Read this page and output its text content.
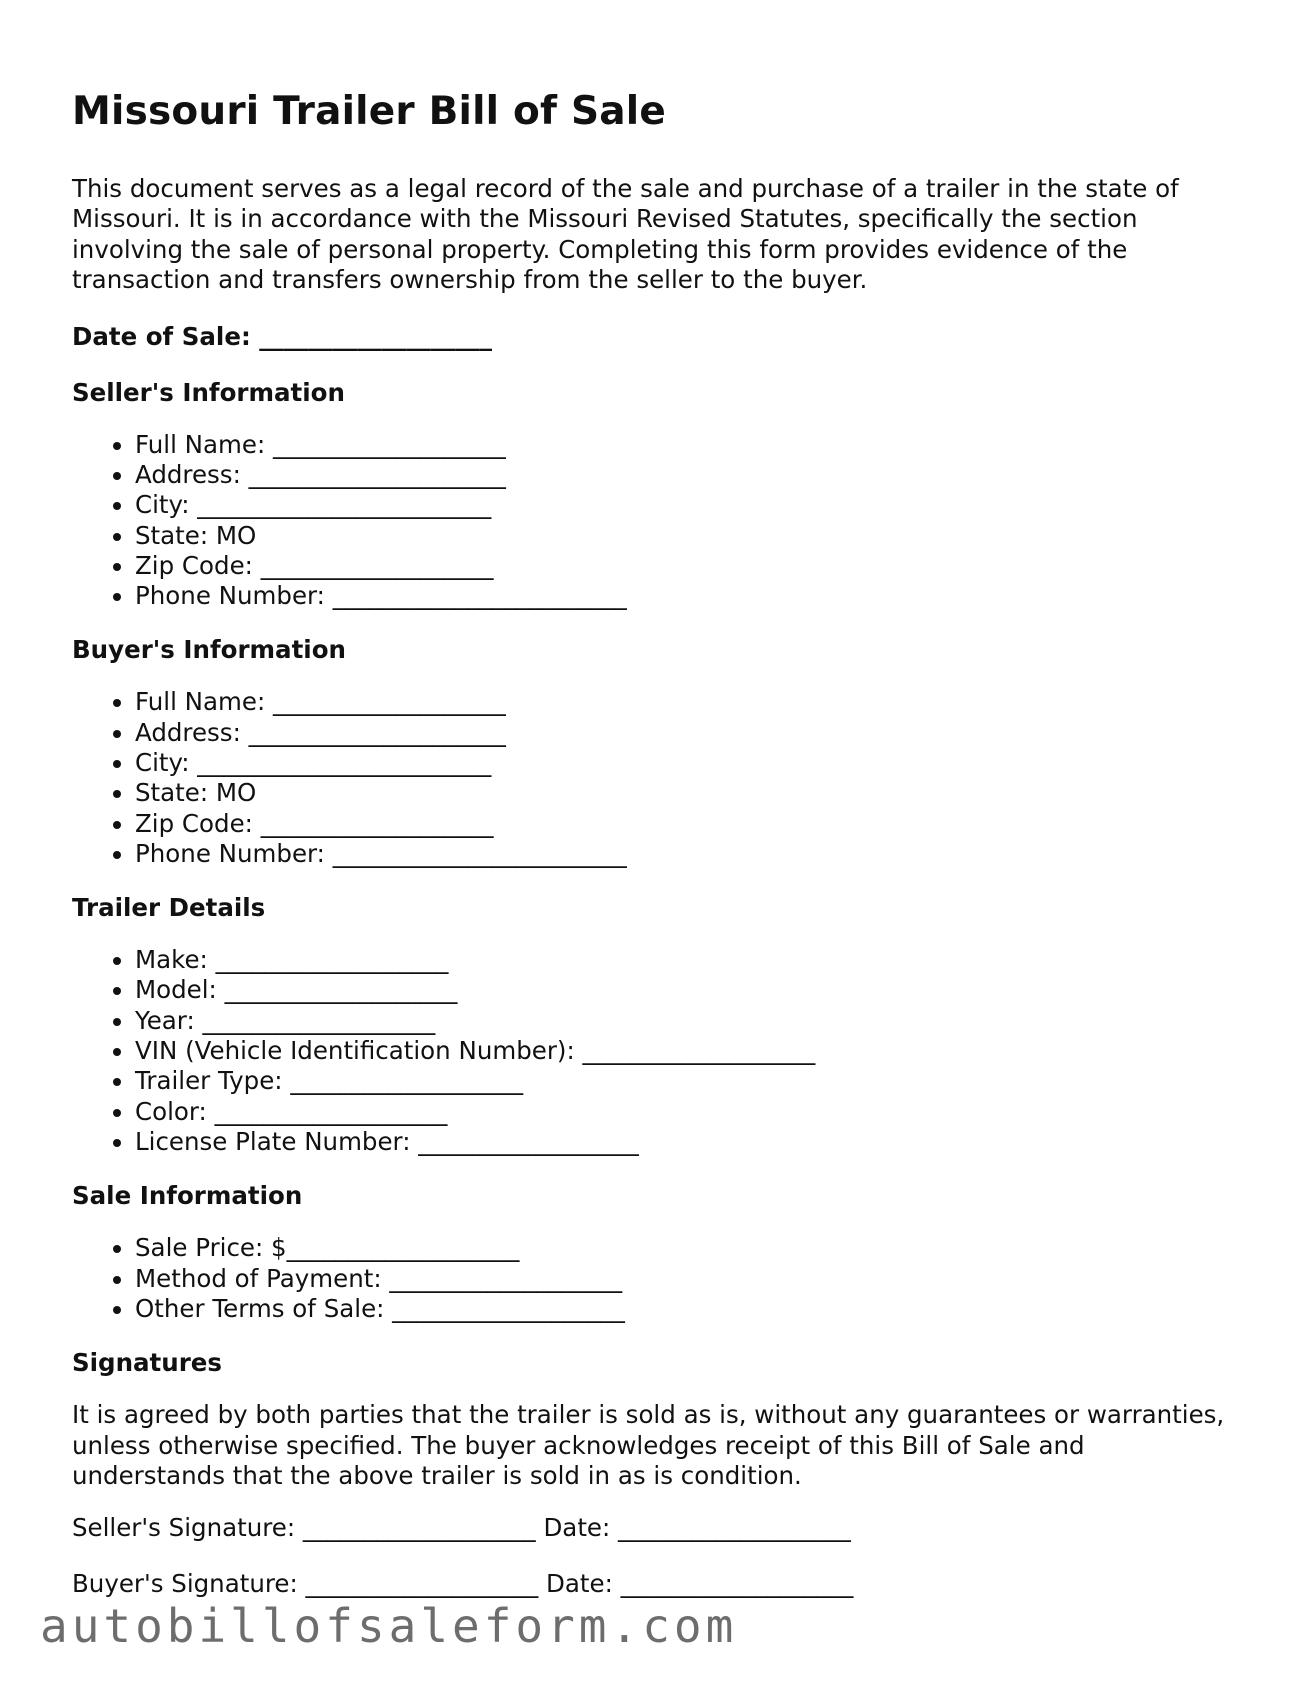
Missouri Trailer Bill of Sale

This document serves as a legal record of the sale and purchase of a trailer in the state of Missouri. It is in accordance with the Missouri Revised Statutes, specifically the section involving the sale of personal property. Completing this form provides evidence of the transaction and transfers ownership from the seller to the buyer.

Date of Sale: ___________________
Seller's Information
• Full Name: ___________________
• Address: _____________________
• City: ________________________
• State: MO
• Zip Code: ___________________
• Phone Number: ________________________
Buyer's Information
• Full Name: ___________________
• Address: _____________________
• City: ________________________
• State: MO
• Zip Code: ___________________
• Phone Number: ________________________
Trailer Details
• Make: ___________________
• Model: ___________________
• Year: ___________________
• VIN (Vehicle Identification Number): ___________________
• Trailer Type: ___________________
• Color: ___________________
• License Plate Number: __________________
Sale Information
• Sale Price: $___________________
• Method of Payment: ___________________
• Other Terms of Sale: ___________________
Signatures

It is agreed by both parties that the trailer is sold as is, without any guarantees or warranties, unless otherwise specified. The buyer acknowledges receipt of this Bill of Sale and understands that the above trailer is sold in as is condition.

Seller's Signature: ___________________ Date: ___________________
Buyer's Signature: ___________________ Date: ___________________
autobillofsaleform.com
